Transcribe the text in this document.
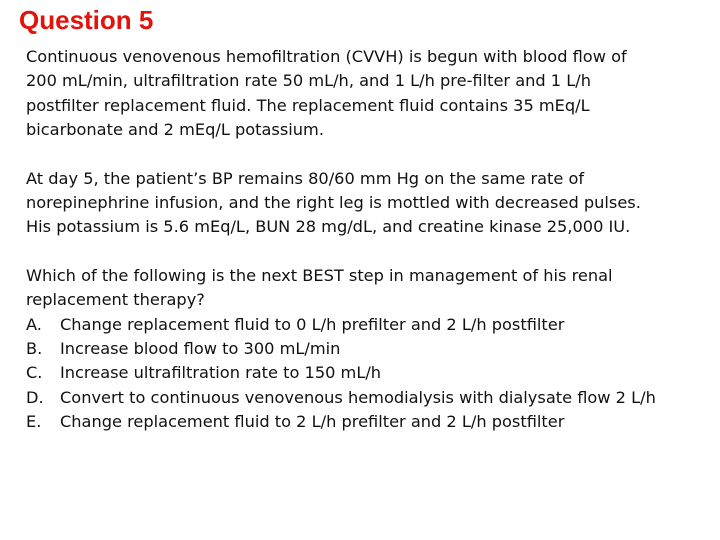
Question 5

Continuous venovenous hemofiltration (CVVH) is begun with blood flow of
200 mL/min, ultrafiltration rate 50 mL/h, and 1 L/h pre-filter and 1 L/h
postfilter replacement fluid. The replacement fluid contains 35 mEq/L
bicarbonate and 2 mEq/L potassium.

At day 5, the patient’s BP remains 80/60 mm Hg on the same rate of
norepinephrine infusion, and the right leg is mottled with decreased pulses.
His potassium is 5.6 mEq/L, BUN 28 mg/dL, and creatine kinase 25,000 IU.

Which of the following is the next BEST step in management of his renal
replacement therapy?
A.	Change replacement fluid to 0 L/h prefilter and 2 L/h postfilter
B.	Increase blood flow to 300 mL/min
C.	Increase ultrafiltration rate to 150 mL/h
D.	Convert to continuous venovenous hemodialysis with dialysate flow 2 L/h
E.	Change replacement fluid to 2 L/h prefilter and 2 L/h postfilter
